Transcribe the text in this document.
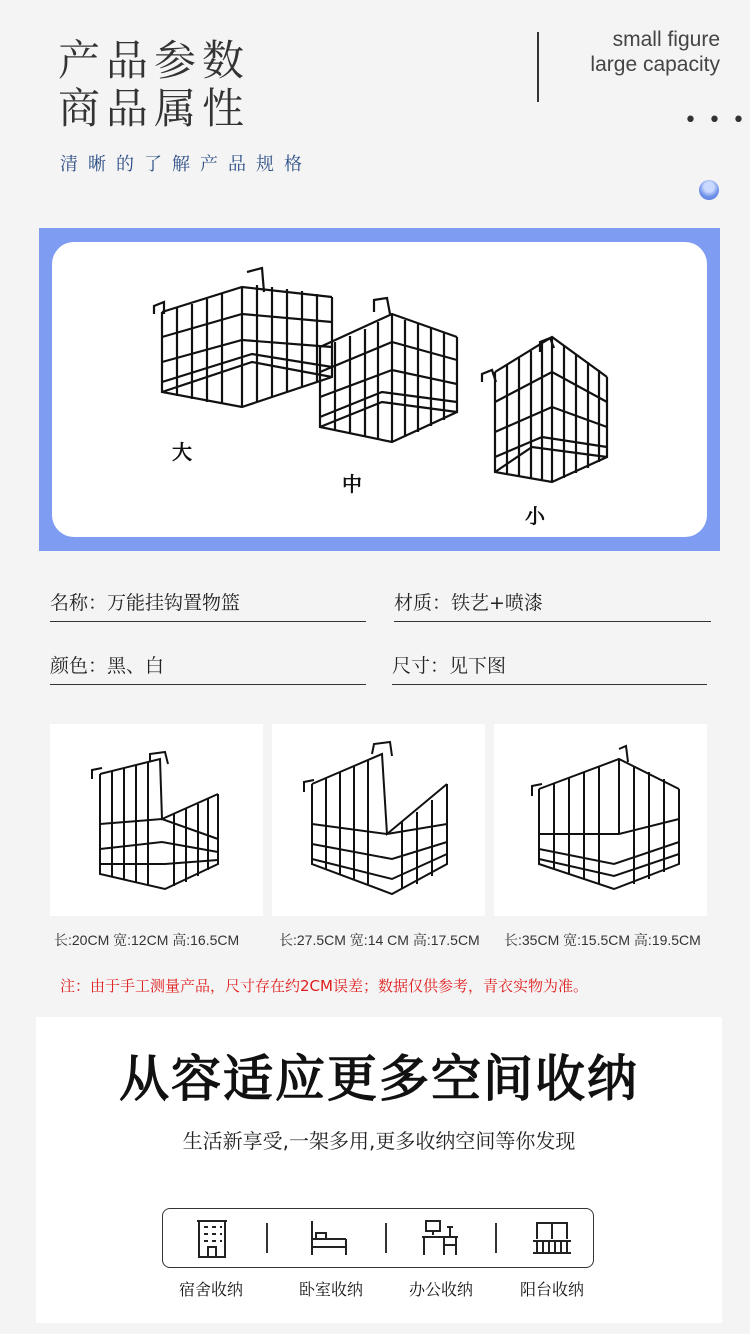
产品参数
商品属性
清晰的了解产品规格
small figure
large capacity
• • •
大
中
小
名称：万能挂钩置物篮	材质：铁艺+喷漆
颜色：黑、白	尺寸：见下图
长:20CM 宽:12CM 高:16.5CM	长:27.5CM 宽:14 CM 高:17.5CM 长:35CM 宽:15.5CM 高:19.5CM
注：由于手工测量产品，尺寸存在约2CM误差；数据仅供参考，青衣实物为准。
从容适应更多空间收纳
生活新享受,一架多用,更多收纳空间等你发现
宿舍收纳	卧室收纳	办公收纳	阳台收纳
